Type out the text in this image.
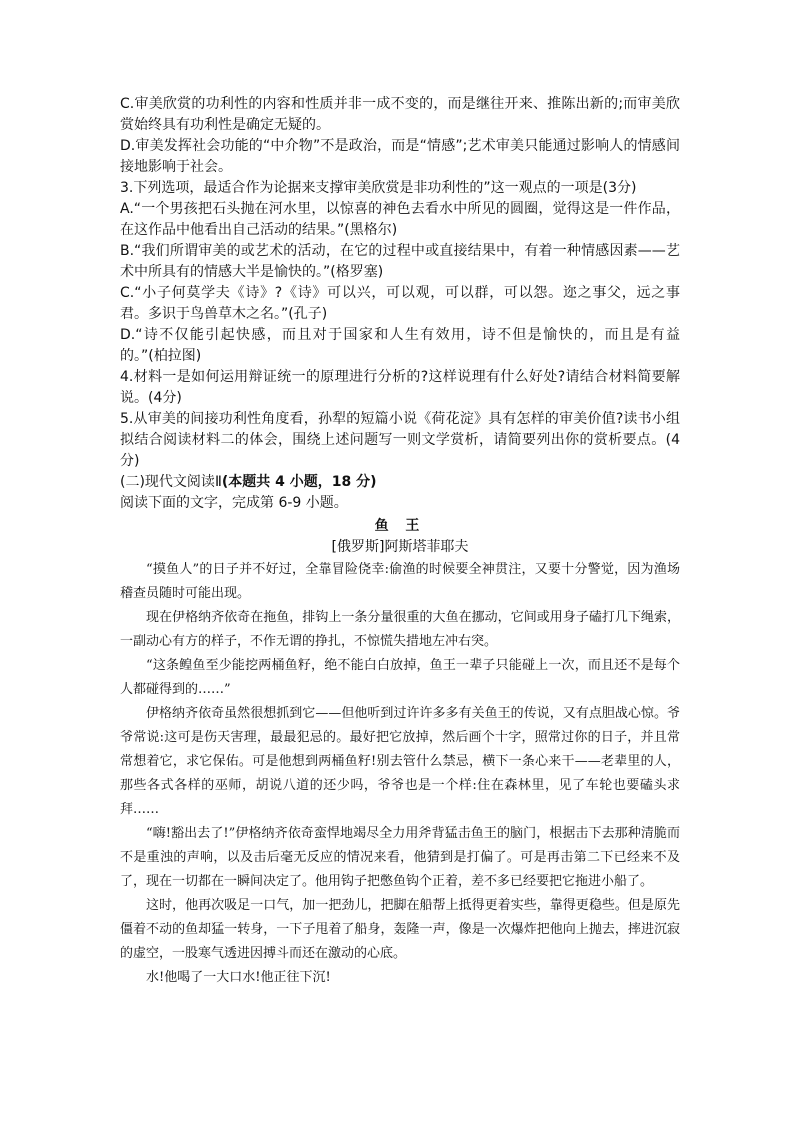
C.审美欣赏的功利性的内容和性质并非一成不变的，而是继往开来、推陈出新的;而审美欣赏始终具有功利性是确定无疑的。

D.审美发挥社会功能的“中介物”不是政治，而是“情感”;艺术审美只能通过影响人的情感间接地影响于社会。

3.下列选项，最适合作为论据来支撑审美欣赏是非功利性的”这一观点的一项是(3分)

A.“一个男孩把石头抛在河水里，以惊喜的神色去看水中所见的圆圈，觉得这是一件作品，在这作品中他看出自己活动的结果。”(黑格尔)

B.“我们所谓审美的或艺术的活动，在它的过程中或直接结果中，有着一种情感因素——艺术中所具有的情感大半是愉快的。”(格罗塞)

C.“小子何莫学夫《诗》?《诗》可以兴，可以观，可以群，可以怨。迩之事父，远之事君。多识于鸟兽草木之名。”(孔子)

D.“诗不仅能引起快感，而且对于国家和人生有效用，诗不但是愉快的，而且是有益的。”(柏拉图)

4.材料一是如何运用辩证统一的原理进行分析的?这样说理有什么好处?请结合材料简要解说。(4分)

5.从审美的间接功利性角度看，孙犁的短篇小说《荷花淀》具有怎样的审美价值?读书小组拟结合阅读材料二的体会，围绕上述问题写一则文学赏析，请简要列出你的赏析要点。(4分)

(二)现代文阅读Ⅱ(本题共 4 小题，18 分)

阅读下面的文字，完成第 6-9 小题。

鱼 王

[俄罗斯]阿斯塔菲耶夫

“摸鱼人”的日子并不好过，全靠冒险侥幸:偷渔的时候要全神贯注，又要十分警觉，因为渔场稽查员随时可能出现。

现在伊格纳齐依奇在拖鱼，排钩上一条分量很重的大鱼在挪动，它间或用身子磕打几下绳索，一副动心有方的样子，不作无谓的挣扎，不惊慌失措地左冲右突。

“这条鳇鱼至少能挖两桶鱼籽，绝不能白白放掉，鱼王一辈子只能碰上一次，而且还不是每个人都碰得到的……”

伊格纳齐依奇虽然很想抓到它——但他听到过许许多多有关鱼王的传说，又有点胆战心惊。爷爷常说:这可是伤天害理，最最犯忌的。最好把它放掉，然后画个十字，照常过你的日子，并且常常想着它，求它保佑。可是他想到两桶鱼籽!别去管什么禁忌，横下一条心来干——老辈里的人，那些各式各样的巫师，胡说八道的还少吗，爷爷也是一个样:住在森林里，见了车轮也要磕头求拜……

“嗨!豁出去了!”伊格纳齐依奇蛮悍地竭尽全力用斧背猛击鱼王的脑门，根据击下去那种清脆而不是重浊的声响，以及击后毫无反应的情况来看，他猜到是打偏了。可是再击第二下已经来不及了，现在一切都在一瞬间决定了。他用钩子把憋鱼钩个正着，差不多已经要把它拖进小船了。

这时，他再次吸足一口气，加一把劲儿，把脚在船帮上抵得更着实些，靠得更稳些。但是原先僵着不动的鱼却猛一转身，一下子甩着了船身，轰隆一声，像是一次爆炸把他向上抛去，摔进沉寂的虚空，一股寒气透进因搏斗而还在激动的心底。

水!他喝了一大口水!他正往下沉!
